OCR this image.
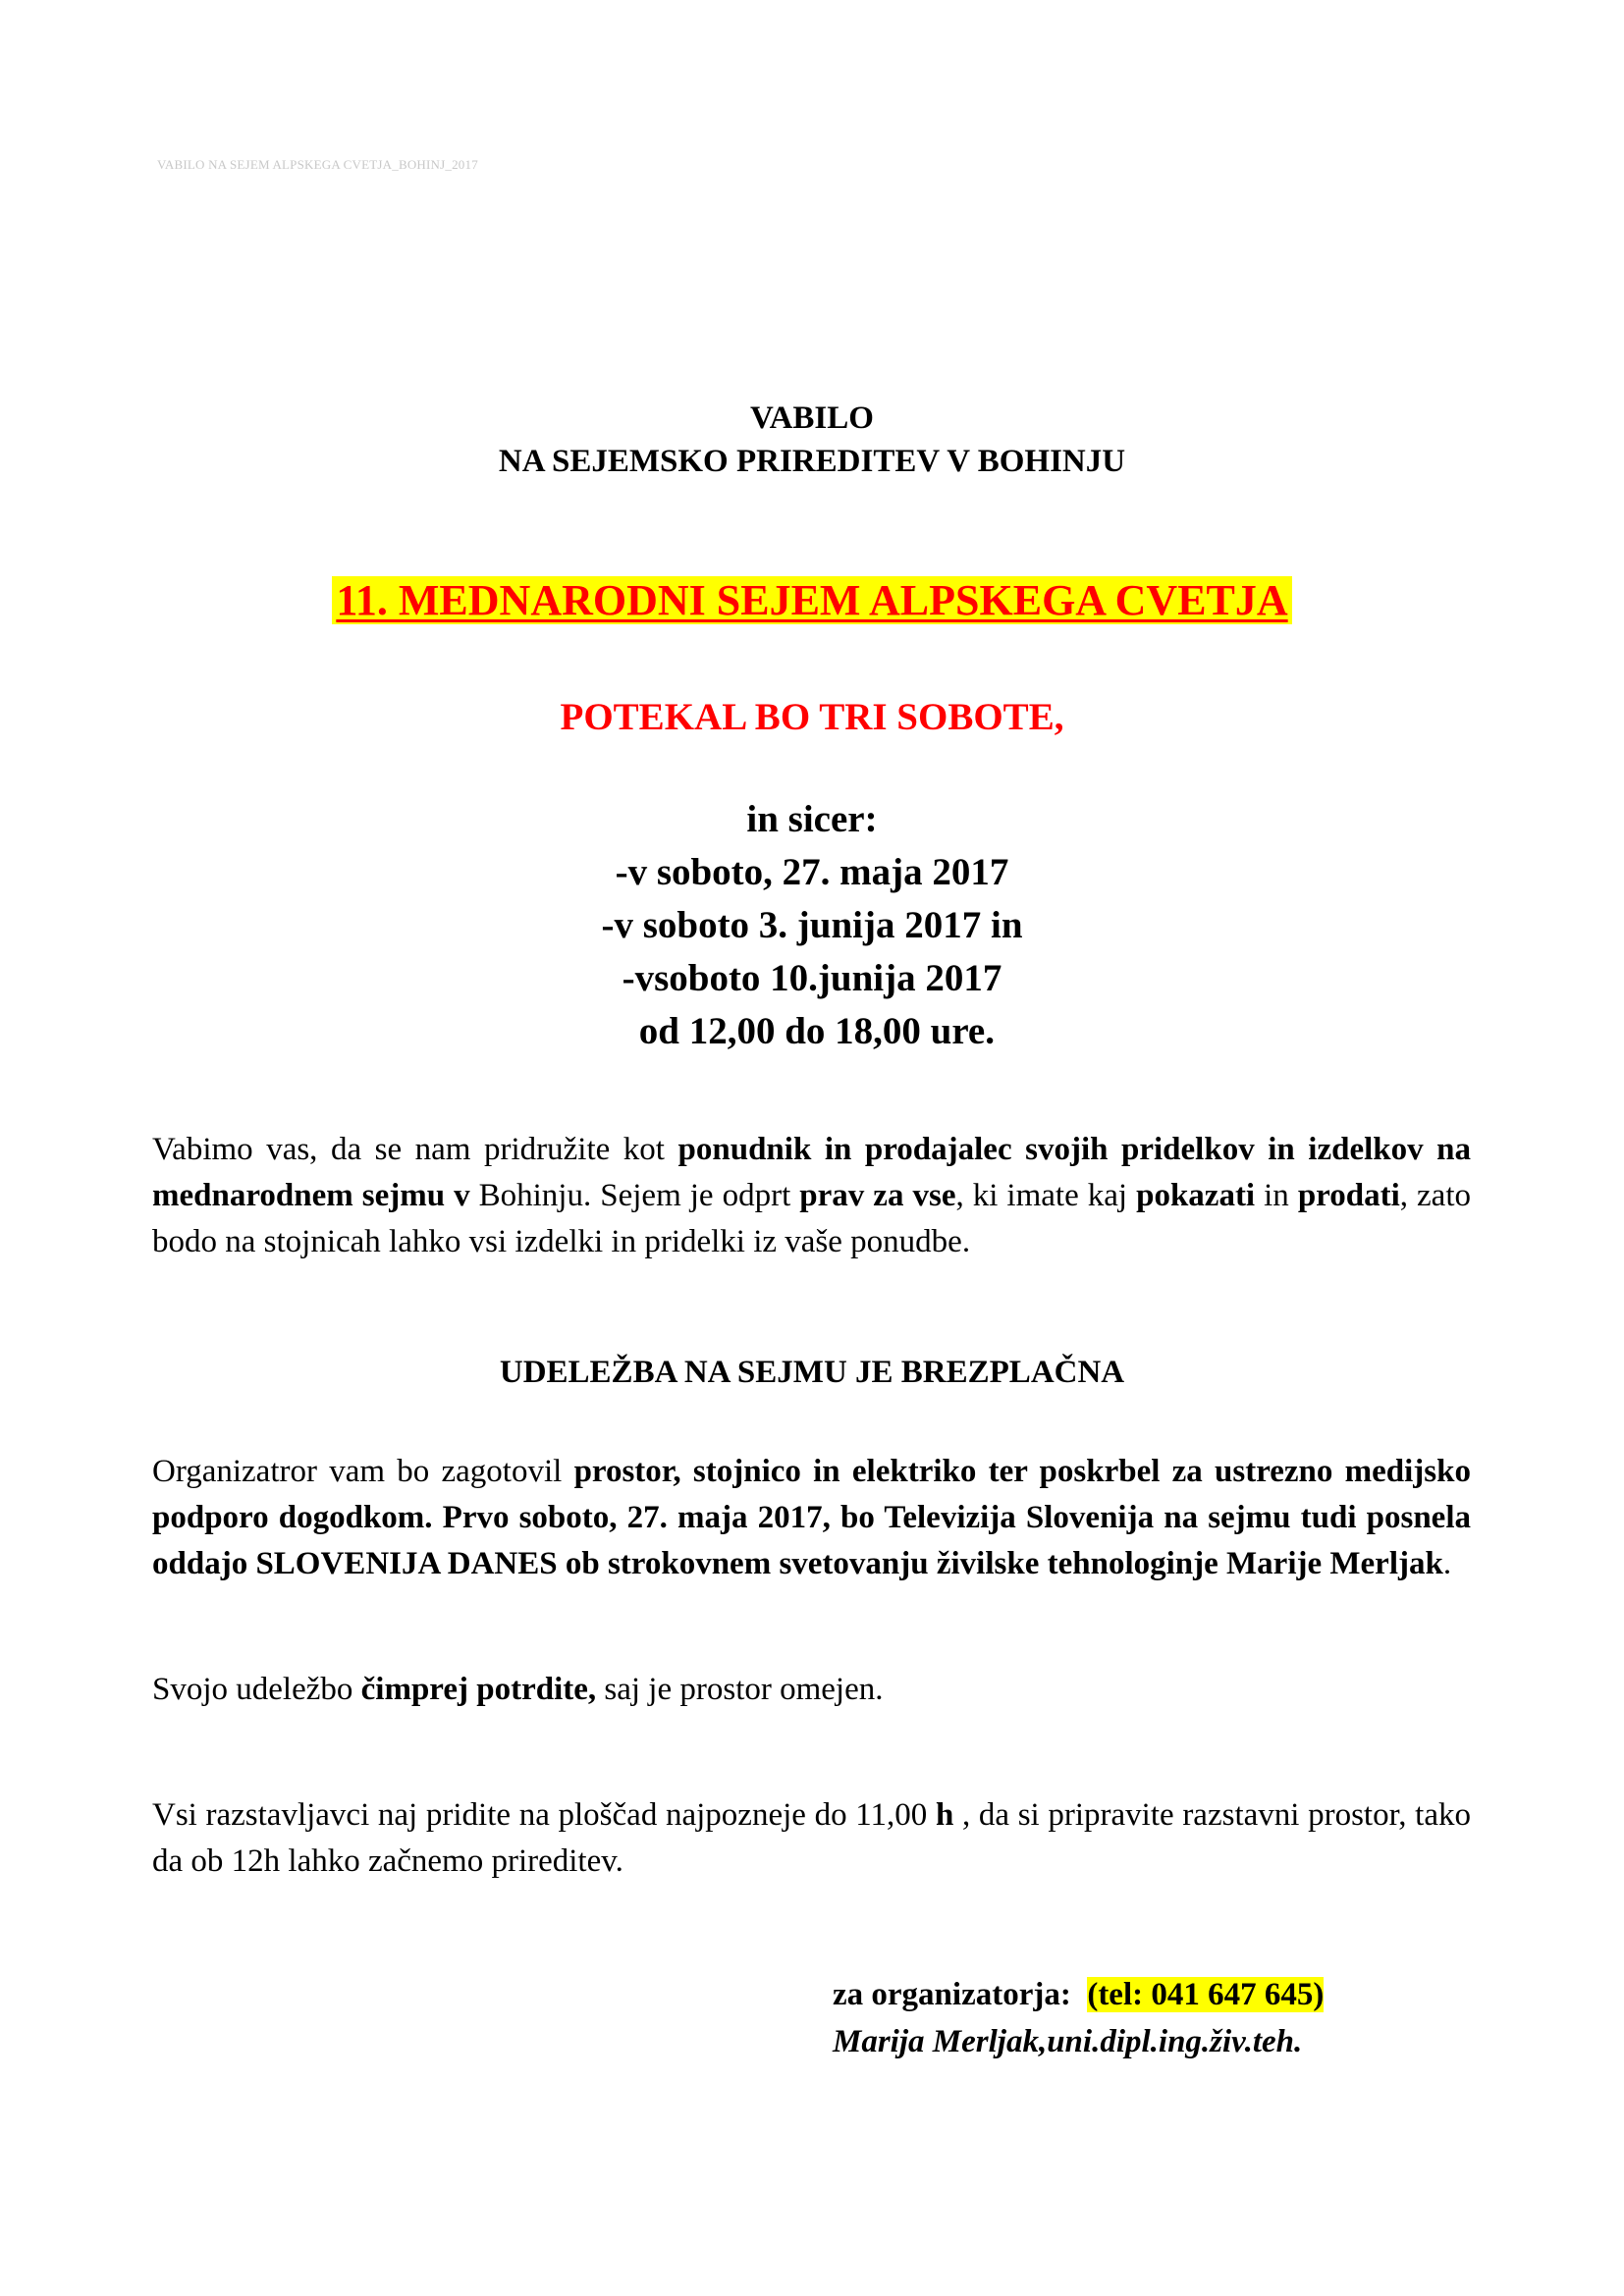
VABILO NA SEJEM ALPSKEGA CVETJA_BOHINJ_2017
VABILO
NA SEJEMSKO PRIREDITEV V BOHINJU
11. MEDNARODNI SEJEM ALPSKEGA CVETJA
POTEKAL BO TRI SOBOTE,
in sicer:
-v soboto, 27. maja 2017
-v soboto 3. junija 2017 in
-vsoboto 10.junija 2017
od 12,00 do 18,00 ure.
Vabimo vas, da se nam pridružite kot ponudnik in prodajalec svojih pridelkov in izdelkov na mednarodnem sejmu v Bohinju. Sejem je odprt prav za vse, ki imate kaj pokazati in prodati, zato bodo na stojnicah lahko vsi izdelki in pridelki iz vaše ponudbe.
UDELEŽBA NA SEJMU JE BREZPLAČNA
Organizatror vam bo zagotovil prostor, stojnico in elektriko ter poskrbel za ustrezno medijsko podporo dogodkom. Prvo soboto, 27. maja 2017, bo Televizija Slovenija na sejmu tudi posnela oddajo SLOVENIJA DANES ob strokovnem svetovanju živilske tehnologinje Marije Merljak.
Svojo udeležbo čimprej potrdite, saj je prostor omejen.
Vsi razstavljavci naj pridite na ploščad najpozneje do 11,00 h , da si pripravite razstavni prostor, tako da ob 12h lahko začnemo prireditev.
za organizatorja:  (tel: 041 647 645)
Marija Merljak,uni.dipl.ing.živ.teh.
